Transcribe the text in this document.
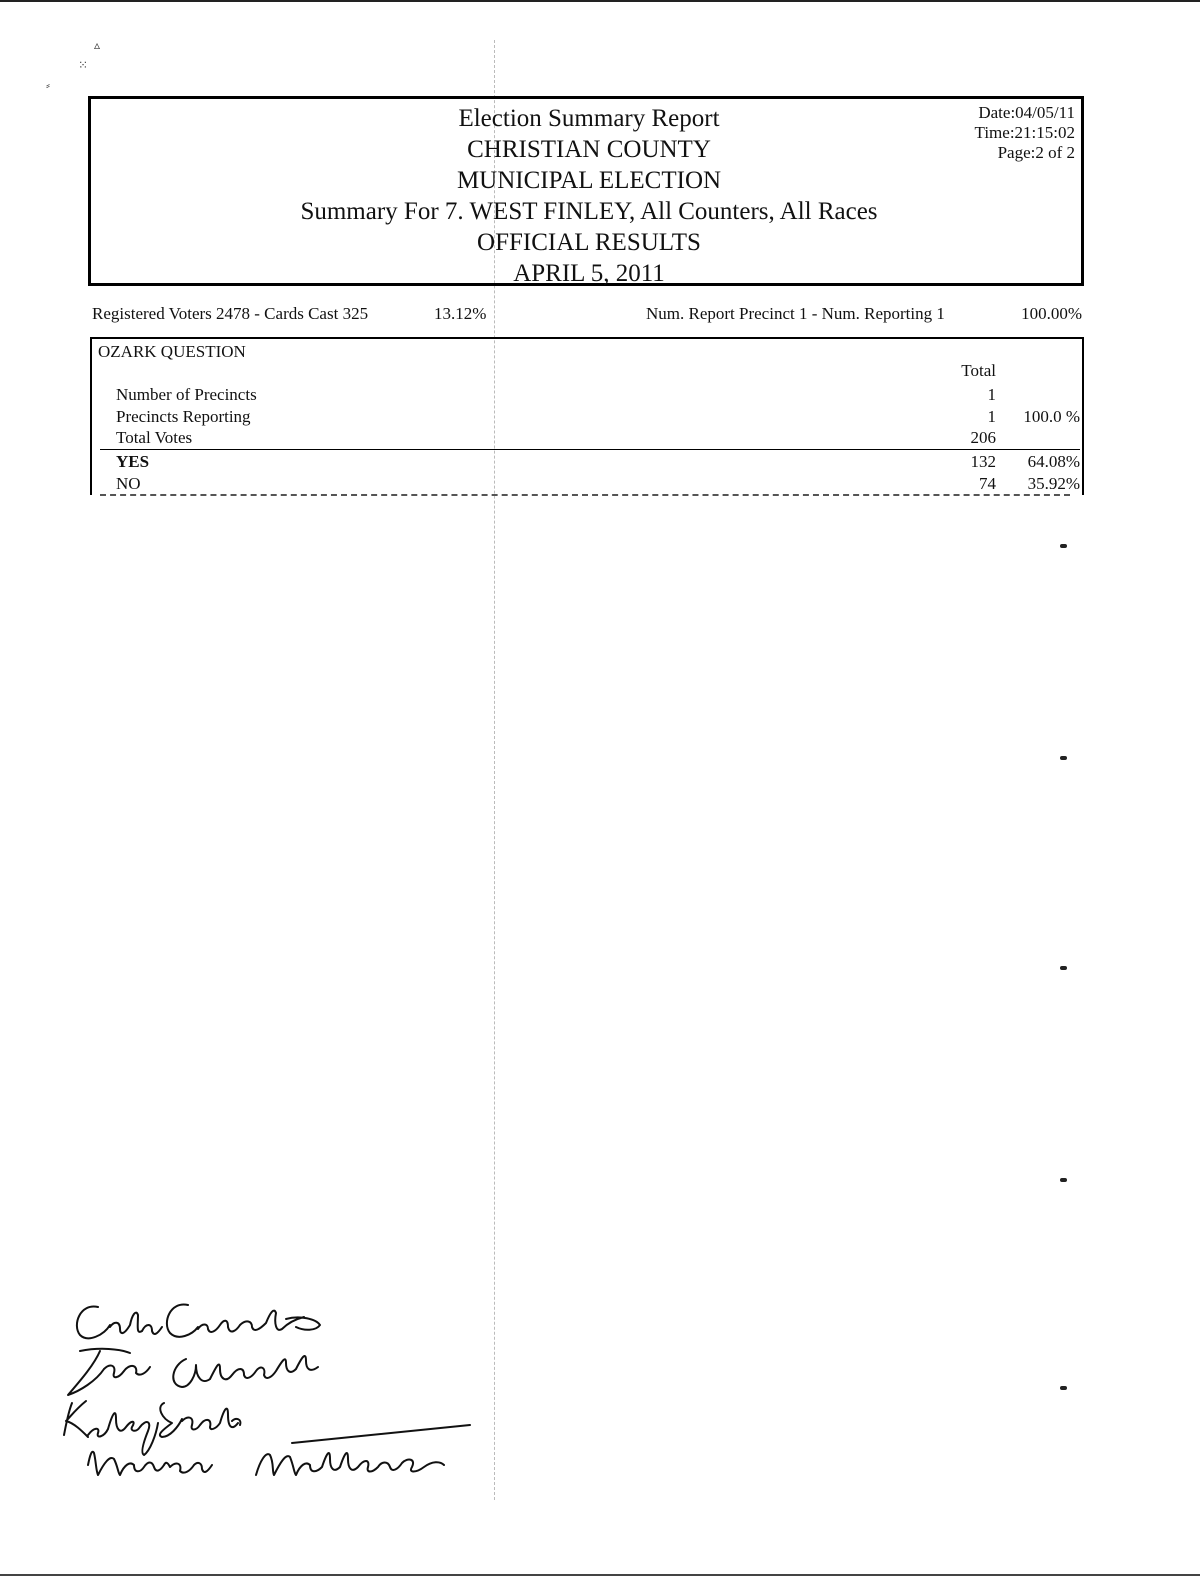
▵
⁙
⸗
Election Summary Report
CHRISTIAN COUNTY
MUNICIPAL ELECTION
Summary For 7. WEST FINLEY, All Counters, All Races
OFFICIAL RESULTS
APRIL 5, 2011
Date:04/05/11
Time:21:15:02
Page:2 of 2
Registered Voters 2478 - Cards Cast 325	13.12%	Num. Report Precinct 1 - Num. Reporting 1	100.00%
OZARK QUESTION
Total
Number of Precincts	1
Precincts Reporting	1 100.0 %
Total Votes	206
YES	132 64.08%
NO	74 35.92%
